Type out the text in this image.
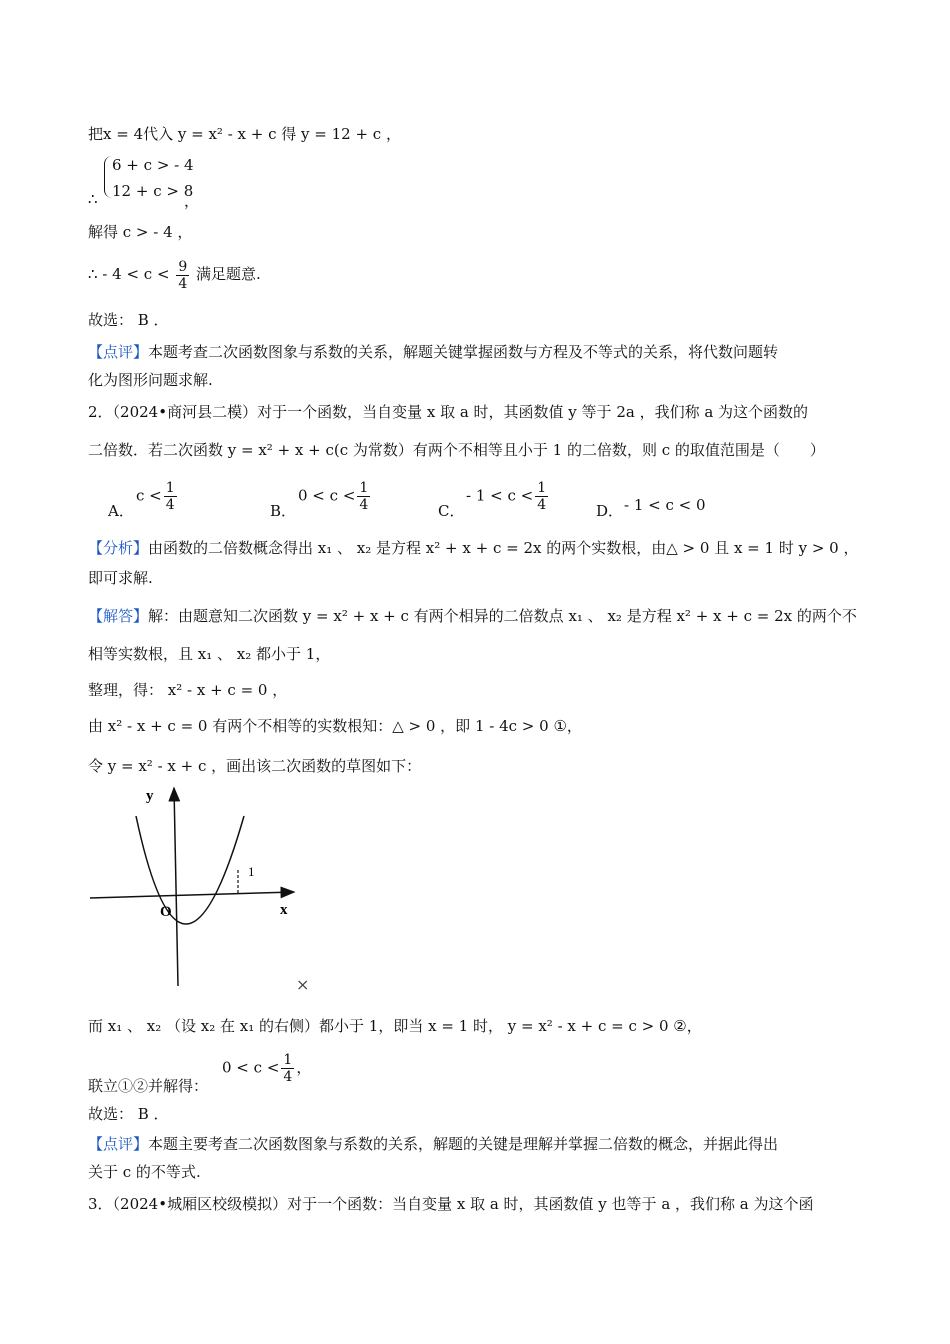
把x = 4代入 y = x² - x + c 得 y = 12 + c ，
∴
6 + c > - 4
12 + c > 8
，
解得 c > - 4 ，
∴ - $4 < c < \frac{9}{4}$ 满足题意.
故选： B ．
【点评】本题考查二次函数图象与系数的关系，解题关键掌握函数与方程及不等式的关系，将代数问题转
化为图形问题求解.
2．（2024•商河县二模）对于一个函数，当自变量 x 取 a 时，其函数值 y 等于 2a ，我们称 a 为这个函数的
二倍数．若二次函数 y = x² + x + c(c 为常数）有两个不相等且小于 1 的二倍数，则 c 的取值范围是（　　）
A．
$c < \frac{1}{4}$	B．
$0 < c < \frac{1}{4}$	C．
- $1 < c < \frac{1}{4}$	D． - 1 < c < 0
【分析】由函数的二倍数概念得出 x₁ 、 x₂ 是方程 x² + x + c = 2x 的两个实数根，由△ > 0 且 x = 1 时 y > 0 ，
即可求解.
【解答】解：由题意知二次函数 y = x² + x + c 有两个相异的二倍数点 x₁ 、 x₂ 是方程 x² + x + c = 2x 的两个不
相等实数根，且 x₁ 、 x₂ 都小于 1，
整理，得： x² - x + c = 0 ，
由 x² - x + c = 0 有两个不相等的实数根知：△ > 0 ，即 1 - 4c > 0 ①，
令 y = x² - x + c ，画出该二次函数的草图如下：
y
x
O
1
×
而 x₁ 、 x₂ （设 x₂ 在 x₁ 的右侧）都小于 1，即当 x = 1 时， y = x² - x + c = c > 0 ②，
联立①②并解得：
$0 < c < \frac{1}{4}$ ，
故选： B ．
【点评】本题主要考查二次函数图象与系数的关系，解题的关键是理解并掌握二倍数的概念，并据此得出
关于 c 的不等式.
3．（2024•城厢区校级模拟）对于一个函数：当自变量 x 取 a 时，其函数值 y 也等于 a ，我们称 a 为这个函
